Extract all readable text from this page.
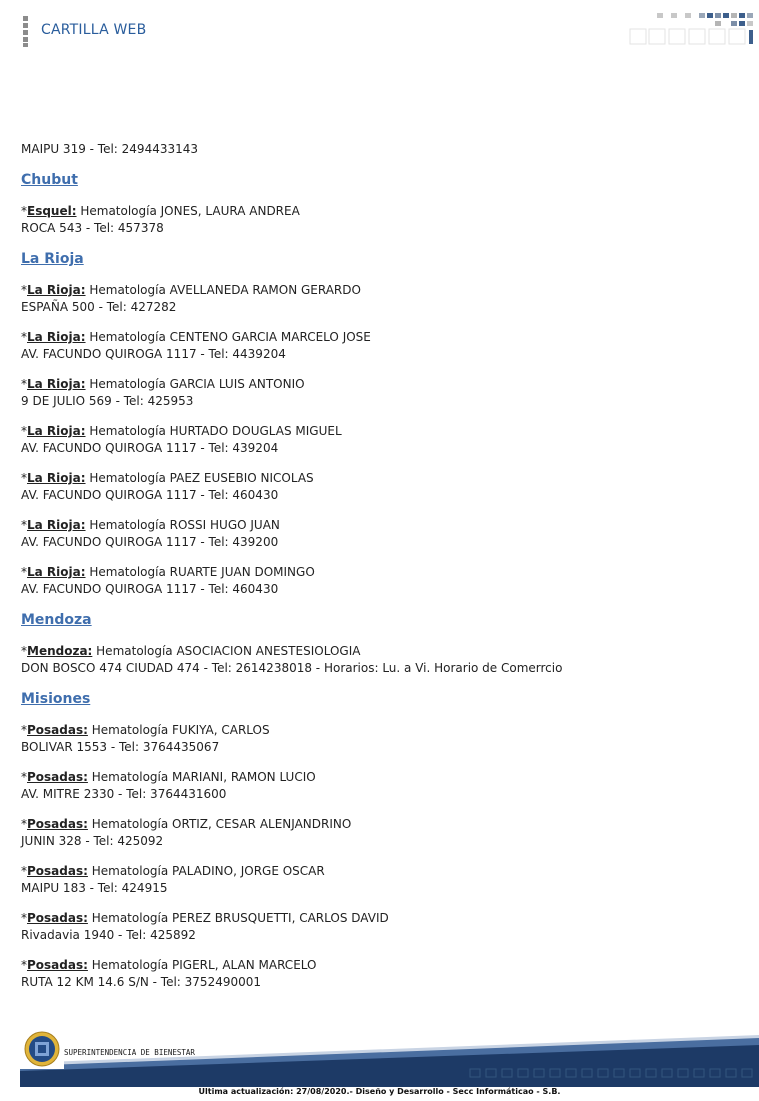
CARTILLA WEB
MAIPU 319 - Tel: 2494433143
Chubut
*Esquel: Hematología JONES, LAURA ANDREA
ROCA 543 - Tel: 457378
La Rioja
*La Rioja: Hematología AVELLANEDA RAMON GERARDO
ESPAÑA 500 - Tel: 427282
*La Rioja: Hematología CENTENO GARCIA MARCELO JOSE
AV. FACUNDO QUIROGA 1117 - Tel: 4439204
*La Rioja: Hematología GARCIA LUIS ANTONIO
9 DE JULIO 569 - Tel: 425953
*La Rioja: Hematología HURTADO DOUGLAS MIGUEL
AV. FACUNDO QUIROGA 1117 - Tel: 439204
*La Rioja: Hematología PAEZ EUSEBIO NICOLAS
AV. FACUNDO QUIROGA 1117 - Tel: 460430
*La Rioja: Hematología ROSSI HUGO JUAN
AV. FACUNDO QUIROGA 1117 - Tel: 439200
*La Rioja: Hematología RUARTE JUAN DOMINGO
AV. FACUNDO QUIROGA 1117 - Tel: 460430
Mendoza
*Mendoza: Hematología ASOCIACION ANESTESIOLOGIA
DON BOSCO 474 CIUDAD 474 - Tel: 2614238018 - Horarios: Lu. a Vi. Horario de Comerrcio
Misiones
*Posadas: Hematología FUKIYA, CARLOS
BOLIVAR 1553 - Tel: 3764435067
*Posadas: Hematología MARIANI, RAMON LUCIO
AV. MITRE 2330 - Tel: 3764431600
*Posadas: Hematología ORTIZ, CESAR ALENJANDRINO
JUNIN 328 - Tel: 425092
*Posadas: Hematología PALADINO, JORGE OSCAR
MAIPU 183 - Tel: 424915
*Posadas: Hematología PEREZ BRUSQUETTI, CARLOS DAVID
Rivadavia 1940 - Tel: 425892
*Posadas: Hematología PIGERL, ALAN MARCELO
RUTA 12 KM 14.6 S/N - Tel: 3752490001
SUPERINTENDENCIA DE BIENESTAR
Ultima actualización: 27/08/2020.- Diseño y Desarrollo - Secc Informáticao - S.B.
